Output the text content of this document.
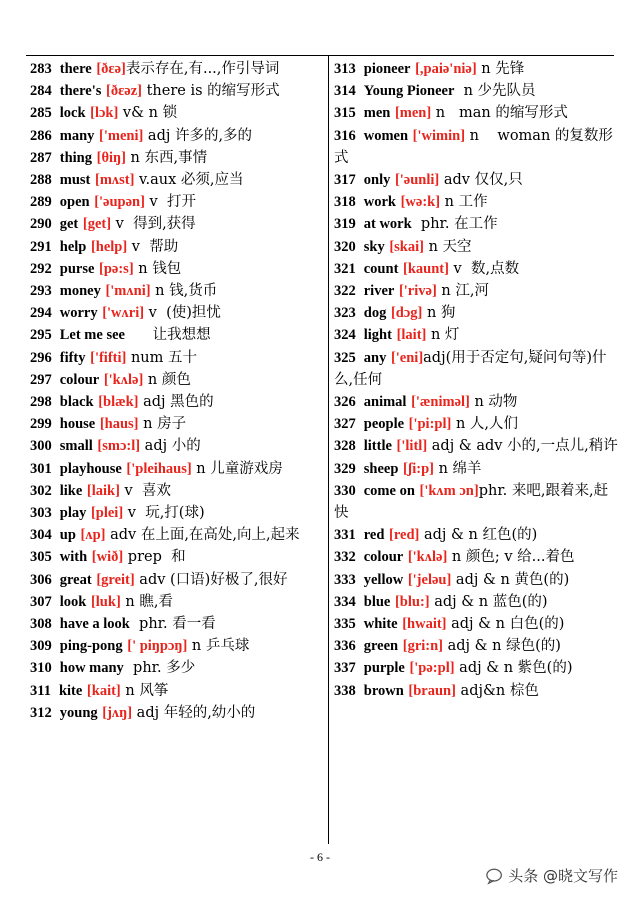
283 there [ðɛə]表示存在,有...,作引导词
284 there's [ðɛəz] there is 的缩写形式
285 lock [lɔk] v& n 锁
286 many ['meni] adj 许多的,多的
287 thing [θiŋ] n 东西,事情
288 must [mʌst] v.aux 必须,应当
289 open ['əupən] v  打开
290 get [get] v  得到,获得
291 help [help] v  帮助
292 purse [pə:s] n 钱包
293 money ['mʌni] n 钱,货币
294 worry ['wʌri] v  (使)担忧
295 Let me see      让我想想
296 fifty ['fifti] num 五十
297 colour ['kʌlə] n 颜色
298 black [blæk] adj 黑色的
299 house [haus] n 房子
300 small [smɔ:l] adj 小的
301 playhouse ['pleihaus] n 儿童游戏房
302 like [laik] v  喜欢
303 play [plei] v  玩,打(球)
304 up [ʌp] adv 在上面,在高处,向上,起来
305 with [wið] prep  和
306 great [greit] adv (口语)好极了,很好
307 look [luk] n 瞧,看
308 have a look  phr. 看一看
309 ping-pong [' piŋpɔŋ] n 乒乓球
310 how many  phr. 多少
311 kite [kait] n 风筝
312 young [jʌŋ] adj 年轻的,幼小的
313 pioneer [,paiə'niə] n 先锋
314 Young Pioneer  n 少先队员
315 men [men] n   man 的缩写形式
316 women ['wimin] n    woman 的复数形式
317 only ['əunli] adv 仅仅,只
318 work [wə:k] n 工作
319 at work  phr. 在工作
320 sky [skai] n 天空
321 count [kaunt] v  数,点数
322 river ['rivə] n 江,河
323 dog [dɔg] n 狗
324 light [lait] n 灯
325 any ['eni]adj(用于否定句,疑问句等)什么,任何
326 animal ['æniməl] n 动物
327 people ['pi:pl] n 人,人们
328 little ['litl] adj & adv 小的,一点儿,稍许
329 sheep [ʃi:p] n 绵羊
330 come on ['kʌm ɔn]phr. 来吧,跟着来,赶快
331 red [red] adj & n 红色(的)
332 colour ['kʌlə] n 颜色; v 给...着色
333 yellow ['jeləu] adj & n 黄色(的)
334 blue [blu:] adj & n 蓝色(的)
335 white [hwait] adj & n 白色(的)
336 green [gri:n] adj & n 绿色(的)
337 purple ['pə:pl] adj & n 紫色(的)
338 brown [braun] adj&n 棕色
- 6 -
头条 @晓文写作
